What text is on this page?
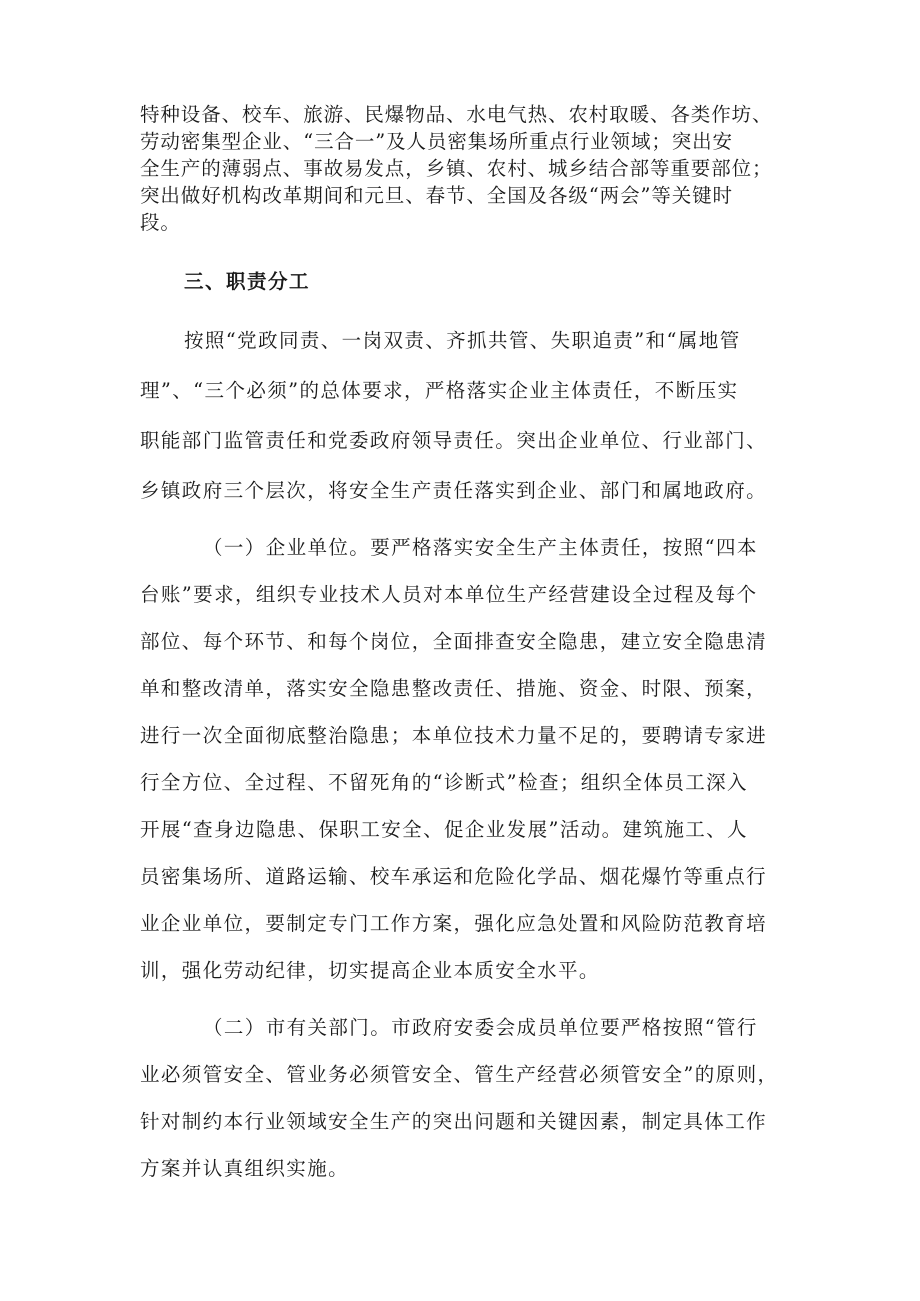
特种设备、校车、旅游、民爆物品、水电气热、农村取暖、各类作坊、
劳动密集型企业、“三合一”及人员密集场所重点行业领域；突出安
全生产的薄弱点、事故易发点，乡镇、农村、城乡结合部等重要部位；
突出做好机构改革期间和元旦、春节、全国及各级“两会”等关键时
段。
三、职责分工
按照“党政同责、一岗双责、齐抓共管、失职追责”和“属地管
理”、“三个必须”的总体要求，严格落实企业主体责任，不断压实
职能部门监管责任和党委政府领导责任。突出企业单位、行业部门、
乡镇政府三个层次，将安全生产责任落实到企业、部门和属地政府。
（一）企业单位。要严格落实安全生产主体责任，按照“四本
台账”要求，组织专业技术人员对本单位生产经营建设全过程及每个
部位、每个环节、和每个岗位，全面排查安全隐患，建立安全隐患清
单和整改清单，落实安全隐患整改责任、措施、资金、时限、预案，
进行一次全面彻底整治隐患；本单位技术力量不足的，要聘请专家进
行全方位、全过程、不留死角的“诊断式”检查；组织全体员工深入
开展“查身边隐患、保职工安全、促企业发展”活动。建筑施工、人
员密集场所、道路运输、校车承运和危险化学品、烟花爆竹等重点行
业企业单位，要制定专门工作方案，强化应急处置和风险防范教育培
训，强化劳动纪律，切实提高企业本质安全水平。
（二）市有关部门。市政府安委会成员单位要严格按照“管行
业必须管安全、管业务必须管安全、管生产经营必须管安全”的原则，
针对制约本行业领域安全生产的突出问题和关键因素，制定具体工作
方案并认真组织实施。
